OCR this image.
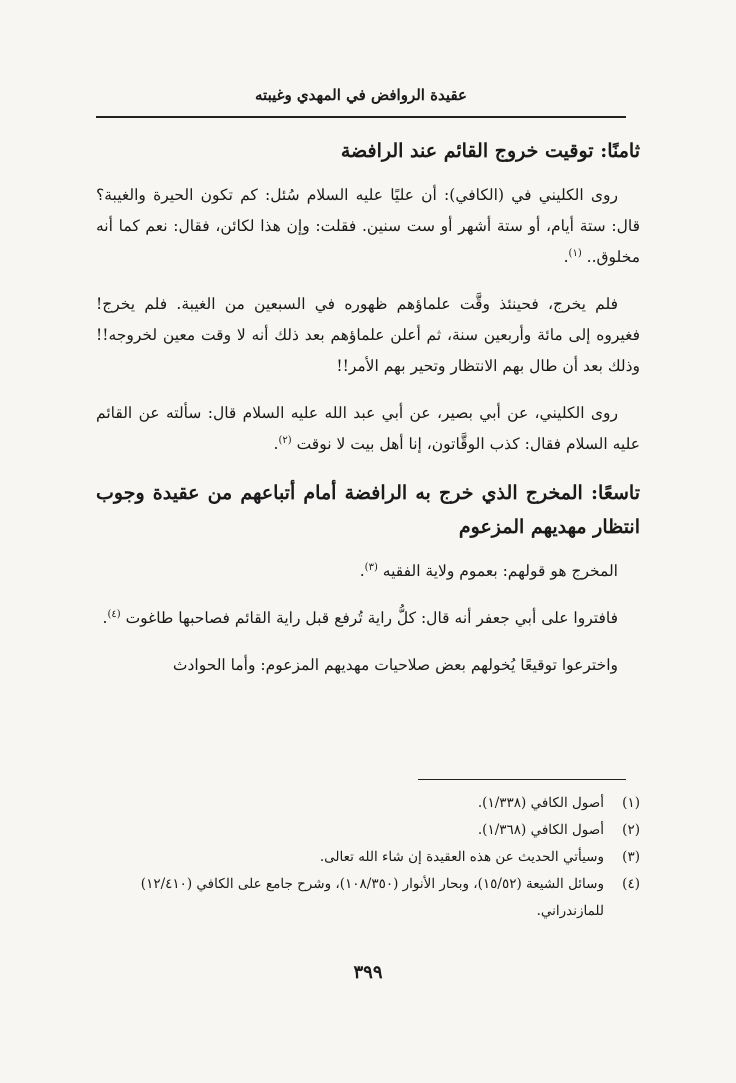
عقيدة الروافض في المهدي وغيبته
ثامنًا: توقيت خروج القائم عند الرافضة

روى الكليني في (الكافي): أن عليًا عليه السلام سُئل: كم تكون الحيرة والغيبة؟ قال: ستة أيام، أو ستة أشهر أو ست سنين. فقلت: وإن هذا لكائن، فقال: نعم كما أنه مخلوق.. $^{(١)}$.

فلم يخرج، فحينئذ وقَّت علماؤهم ظهوره في السبعين من الغيبة. فلم يخرج! فغيروه إلى مائة وأربعين سنة، ثم أعلن علماؤهم بعد ذلك أنه لا وقت معين لخروجه!! وذلك بعد أن طال بهم الانتظار وتحير بهم الأمر!!

روى الكليني، عن أبي بصير، عن أبي عبد الله عليه السلام قال: سألته عن القائم عليه السلام فقال: كذب الوقَّاتون، إنا أهل بيت لا نوقت $^{(٢)}$.

تاسعًا: المخرج الذي خرج به الرافضة أمام أتباعهم من عقيدة وجوب انتظار مهديهم المزعوم

المخرج هو قولهم: بعموم ولاية الفقيه $^{(٣)}$.

فافتروا على أبي جعفر أنه قال: كلُّ راية تُرفع قبل راية القائم فصاحبها طاغوت $^{(٤)}$.

واخترعوا توقيعًا يُخولهم بعض صلاحيات مهديهم المزعوم: وأما الحوادث

(١)
أصول الكافي (١/٣٣٨).
(٢)
أصول الكافي (١/٣٦٨).
(٣)
وسيأتي الحديث عن هذه العقيدة إن شاء الله تعالى.
(٤)
وسائل الشيعة (١٥/٥٢)، وبحار الأنوار (١٠٨/٣٥٠)، وشرح جامع على الكافي (١٢/٤١٠) للمازندراني.
٣٩٩
